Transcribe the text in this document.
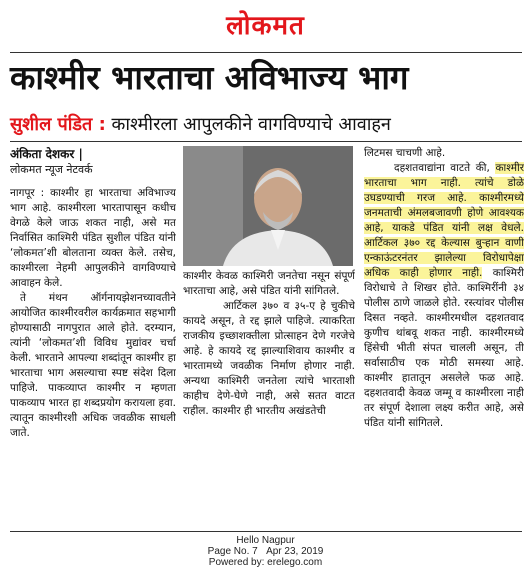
लोकमत
काश्मीर भारताचा अविभाज्य भाग
सुशील पंडित : काश्मीरला आपुलकीने वागविण्याचे आवाहन
अंकिता देशकर |
लोकमत न्यूज नेटवर्क

नागपूर : काश्मीर हा भारताचा अविभाज्य भाग आहे. काश्मीरला भारतापासून कधीच वेगळे केले जाऊ शकत नाही, असे मत निर्वासित काश्मिरी पंडित सुशील पंडित यांनी ‘लोकमत’शी बोलताना व्यक्त केले. तसेच, काश्मीरला नेहमी आपुलकीने वागविण्याचे आवाहन केले.

ते मंथन ऑर्गनायझेशनच्यावतीने आयोजित काश्मीरवरील कार्यक्रमात सहभागी होण्यासाठी नागपुरात आले होते. दरम्यान, त्यांनी ‘लोकमत’शी विविध मुद्यांवर चर्चा केली. भारताने आपल्या शब्दांतून काश्मीर हा भारताचा भाग असल्याचा स्पष्ट संदेश दिला पाहिजे. पाकव्याप्त काश्मीर न म्हणता पाकव्याप भारत हा शब्दप्रयोग करायला हवा. त्यातून काश्मीरशी अधिक जवळीक साधली जाते.

काश्मीर केवळ काश्मिरी जनतेचा नसून संपूर्ण भारताचा आहे, असे पंडित यांनी सांगितले.

आर्टिकल ३७० व ३५-ए हे चुकीचे कायदे असून, ते रद्द झाले पाहिजे. त्याकरिता राजकीय इच्छाशक्तीला प्रोत्साहन देणे गरजेचे आहे. हे कायदे रद्द झाल्याशिवाय काश्मीर व भारतामध्ये जवळीक निर्माण होणार नाही. अन्यथा काश्मिरी जनतेला त्यांचे भारताशी काहीच देणे-घेणे नाही, असे सतत वाटत राहील. काश्मीर ही भारतीय अखंडतेची

लिटमस चाचणी आहे.

दहशतवाद्यांना वाटते की, काश्मीर भारताचा भाग नाही. त्यांचे डोळे उघडण्याची गरज आहे. काश्मीरमध्ये जनमताची अंमलबजावणी होणे आवश्यक आहे, याकडे पंडित यांनी लक्ष वेधले. आर्टिकल ३७० रद्द केल्यास बुऱ्हान वाणी एन्काऊंटरनंतर झालेल्या विरोधापेक्षा अधिक काही होणार नाही. काश्मिरी विरोधाचे ते शिखर होते. काश्मिरींनी ३४ पोलीस ठाणे जाळले होते. रस्त्यांवर पोलीस दिसत नव्हते. काश्मीरमधील दहशतवाद कुणीच थांबवू शकत नाही. काश्मीरमध्ये हिंसेची भीती संपत चालली असून, ती सर्वासाठीच एक मोठी समस्या आहे. काश्मीर हातातून असलेले फळ आहे. दहशतवादी केवळ जम्मू व काश्मीरला नाही तर संपूर्ण देशाला लक्ष्य करीत आहे, असे पंडित यांनी सांगितले.

Hello Nagpur
Page No. 7 Apr 23, 2019
Powered by: erelego.com
